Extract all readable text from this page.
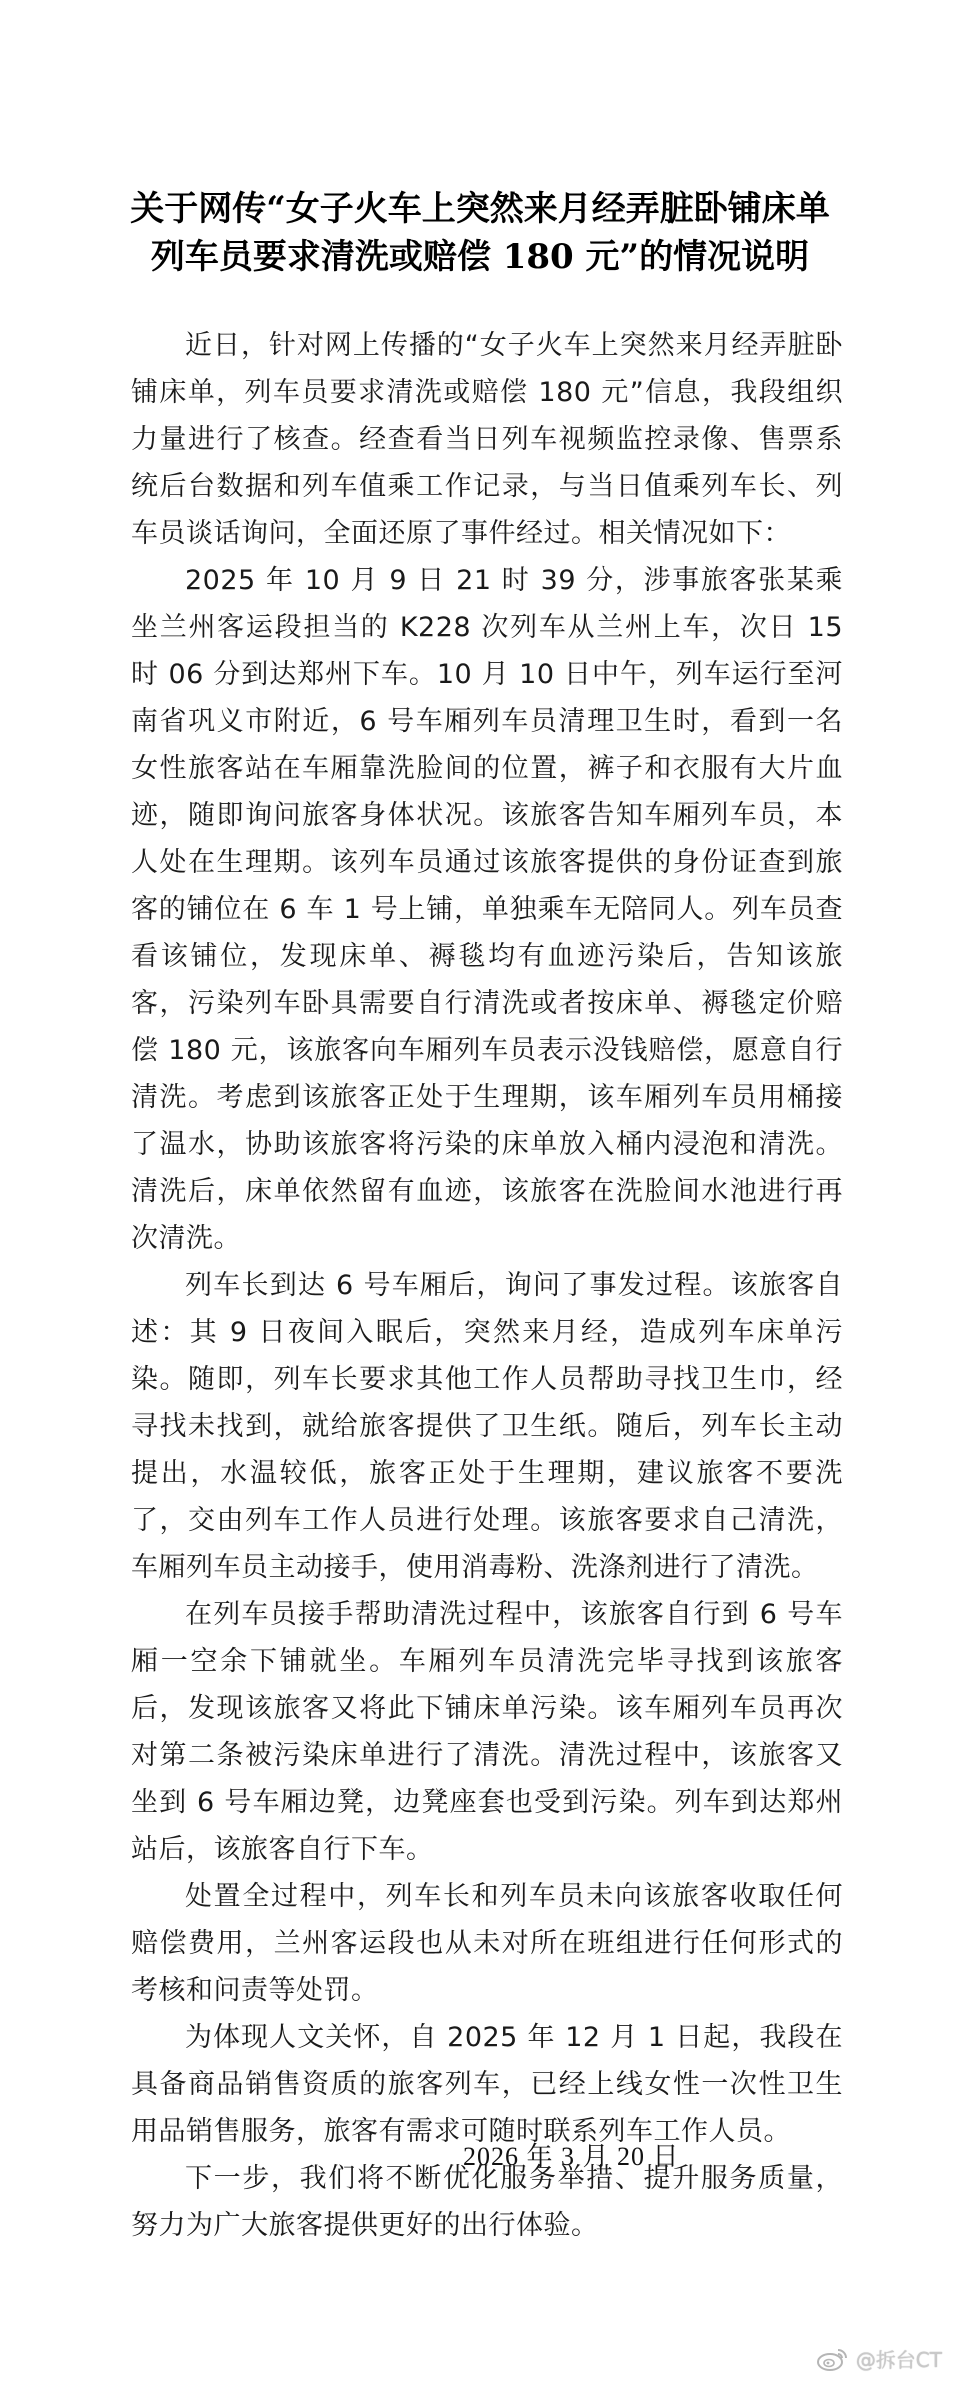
关于网传“女子火车上突然来月经弄脏卧铺床单
列车员要求清洗或赔偿 180 元”的情况说明

近日，针对网上传播的“女子火车上突然来月经弄脏卧铺床单，列车员要求清洗或赔偿 180 元”信息，我段组织力量进行了核查。经查看当日列车视频监控录像、售票系统后台数据和列车值乘工作记录，与当日值乘列车长、列车员谈话询问，全面还原了事件经过。相关情况如下：

2025 年 10 月 9 日 21 时 39 分，涉事旅客张某乘坐兰州客运段担当的 K228 次列车从兰州上车，次日 15 时 06 分到达郑州下车。10 月 10 日中午，列车运行至河南省巩义市附近，6 号车厢列车员清理卫生时，看到一名女性旅客站在车厢靠洗脸间的位置，裤子和衣服有大片血迹，随即询问旅客身体状况。该旅客告知车厢列车员，本人处在生理期。该列车员通过该旅客提供的身份证查到旅客的铺位在 6 车 1 号上铺，单独乘车无陪同人。列车员查看该铺位，发现床单、褥毯均有血迹污染后，告知该旅客，污染列车卧具需要自行清洗或者按床单、褥毯定价赔偿 180 元，该旅客向车厢列车员表示没钱赔偿，愿意自行清洗。考虑到该旅客正处于生理期，该车厢列车员用桶接了温水，协助该旅客将污染的床单放入桶内浸泡和清洗。清洗后，床单依然留有血迹，该旅客在洗脸间水池进行再次清洗。

列车长到达 6 号车厢后，询问了事发过程。该旅客自述：其 9 日夜间入眠后，突然来月经，造成列车床单污染。随即，列车长要求其他工作人员帮助寻找卫生巾，经寻找未找到，就给旅客提供了卫生纸。随后，列车长主动提出，水温较低，旅客正处于生理期，建议旅客不要洗了，交由列车工作人员进行处理。该旅客要求自己清洗，车厢列车员主动接手，使用消毒粉、洗涤剂进行了清洗。

在列车员接手帮助清洗过程中，该旅客自行到 6 号车厢一空余下铺就坐。车厢列车员清洗完毕寻找到该旅客后，发现该旅客又将此下铺床单污染。该车厢列车员再次对第二条被污染床单进行了清洗。清洗过程中，该旅客又坐到 6 号车厢边凳，边凳座套也受到污染。列车到达郑州站后，该旅客自行下车。

处置全过程中，列车长和列车员未向该旅客收取任何赔偿费用，兰州客运段也从未对所在班组进行任何形式的考核和问责等处罚。

为体现人文关怀，自 2025 年 12 月 1 日起，我段在具备商品销售资质的旅客列车，已经上线女性一次性卫生用品销售服务，旅客有需求可随时联系列车工作人员。

下一步，我们将不断优化服务举措、提升服务质量，努力为广大旅客提供更好的出行体验。

2026 年 3 月 20 日
@拆台CT
